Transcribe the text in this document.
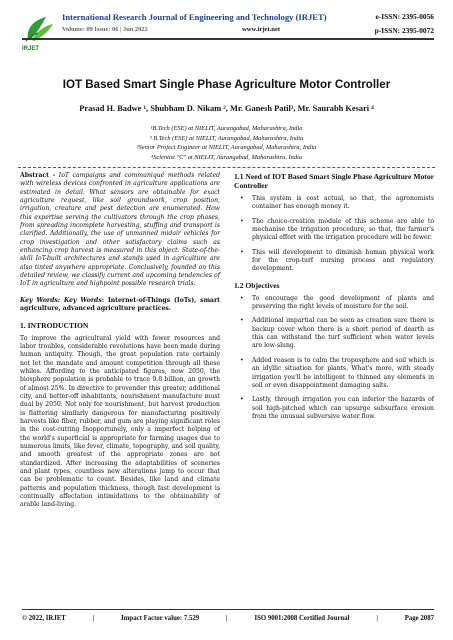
IRJET
International Research Journal of Engineering and Technology (IRJET)	e-ISSN: 2395-0056
Volume: 09 Issue: 06 | Jun 2022	www.irjet.net	p-ISSN: 2395-0072
IOT Based Smart Single Phase Agriculture Motor Controller
Prasad H. Badwe ¹, Shubham D. Nikam ², Mr. Ganesh Patil³, Mr. Saurabh Kesari ⁴
¹B.Tech (ESE) at NIELIT, Aurangabad, Maharashtra, India
² B.Tech (ESE) at NIELIT, Aurangabad, Maharashtra, India
³Senior Project Engineer at NIELIT, Aurangabad, Maharashtra, India
⁴Scientist "C" at NIELIT, Aurangabad, Maharashtra, India
Abstract - IoT campaigns and communiqué methods related with wireless devices confronted in agriculture applications are estimated in detail. What sensors are obtainable for exact agriculture request, like soil groundwork, crop position, irrigation, creature and pest detection are enumerated. How this expertise serving the cultivators through the crop phases, from spreading incomplete harvesting, stuffing and transport is clarified. Additionally, the use of unmanned midair vehicles for crop investigation and other satisfactory claims such as enhancing crop harvest is measured in this object. State-of-the-skill IoT-built architectures and stands used in agriculture are also tinted anywhere appropriate. Conclusively, founded on this detailed review, we classify current and upcoming tendencies of IoT in agriculture and highpoint possible research trials.
Key Words: Key Words: Internet-of-Things (IoTs), smart agriculture, advanced agriculture practices.
1. INTRODUCTION

To improve the agricultural yield with fewer resources and labor troubles, considerable revolutions have been made during human antiquity. Though, the great population rate certainly not let the mandate and amount competition through all these whiles. Affording to the anticipated figures, now 2050, the biosphere population is probable to trace 9.8 billion, an growth of almost 25%. In directive to provender this greater, additional city, and better-off inhabitants, nourishment manufacture must dual by 2050. Not only for nourishment, but harvest production is flattering similarly dangerous for manufacturing positively harvests like fiber, rubber, and gum are playing significant roles in the cost-cutting Inopportunely, only a imperfect helping of the world's superficial is appropriate for farming usages due to numerous limits, like fever, climate, topography, and soil quality, and smooth greatest of the appropriate zones are not standardized. After increasing the adaptabilities of sceneries and plant types, countless new alterations jump to occur that can be problematic to count. Besides, like land and climate patterns and population thickness, though fast development is continually affectation intimidations to the obtainability of arable land-living.

1.1 Need of IOT Based Smart Single Phase Agriculture Motor Controller
• This system is cost actual, so that, the agronomists container has enough money it.
• The choice-creation module of this scheme are able to mechanise the irrigation procedure, so that, the farmer's physical effort with the irrigation procedure will be fewer.
• This will development to diminish human physical work for the crop-turf nursing process and regulatory development.
1.2 Objectives
• To encourage the good development of plants and preserving the right levels of moisture for the soil.
• Additional impartial can be seen as creation sure there is backup cover when there is a short period of dearth as this can withstand the turf sufficient when water levels are low-slung.
• Added reason is to calm the troposphere and soil which is an idyllic situation for plants. What's more, with steady irrigation you'll be intelligent to thinned any elements in soil or even disappointment damaging salts.
• Lastly, through irrigation you can inferior the hazards of soil high-pitched which can upsurge subsurface erosion from the unusual subversive water flow.
© 2022, IRJET	|	Impact Factor value: 7.529	|	ISO 9001:2008 Certified Journal	|	Page 2087
